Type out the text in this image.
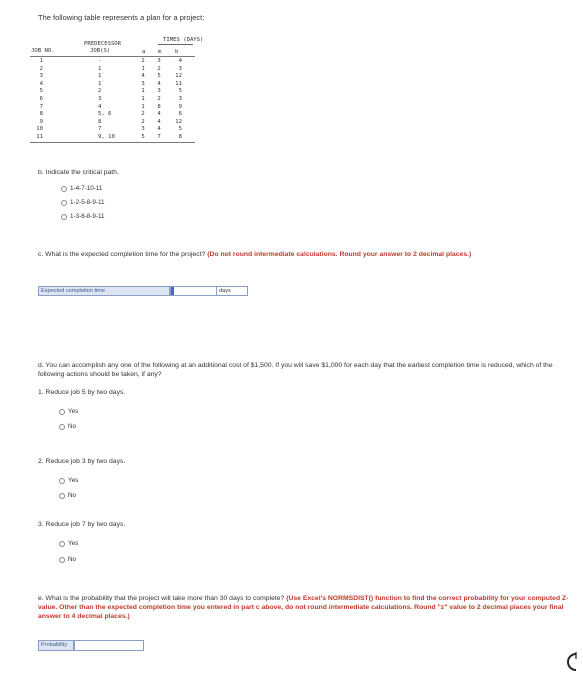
The following table represents a plan for a project:
TIMES (DAYS)
PREDECESSOR
JOB(S)
JOB NO.	a m b
1	-	2	3	4
2	1	1	2	3
3	1	4	5	12
4	1	3	4	11
5	2	1	3	5
6	3	1	2	3
7	4	1	8	9
8	5, 6	2	4	6
9	8	2	4	12
10	7	3	4	5
11	9, 10	5	7	8
b. Indicate the critical path.
1-4-7-10-11
1-2-5-8-9-11
1-3-6-8-9-11
c. What is the expected completion time for the project? (Do not round intermediate calculations. Round your answer to 2 decimal places.)
Expected completion time	days
d. You can accomplish any one of the following at an additional cost of $1,500. If you will save $1,000 for each day that the earliest completion time is reduced, which of the following actions should be taken, if any?
1. Reduce job 5 by two days.
Yes
No
2. Reduce job 3 by two days.
Yes
No
3. Reduce job 7 by two days.
Yes
No
e. What is the probability that the project will take more than 30 days to complete? (Use Excel's NORMSDIST() function to find the correct probability for your computed Z-value. Other than the expected completion time you entered in part c above, do not round intermediate calculations. Round "z" value to 2 decimal places your final answer to 4 decimal places.)
Probability
